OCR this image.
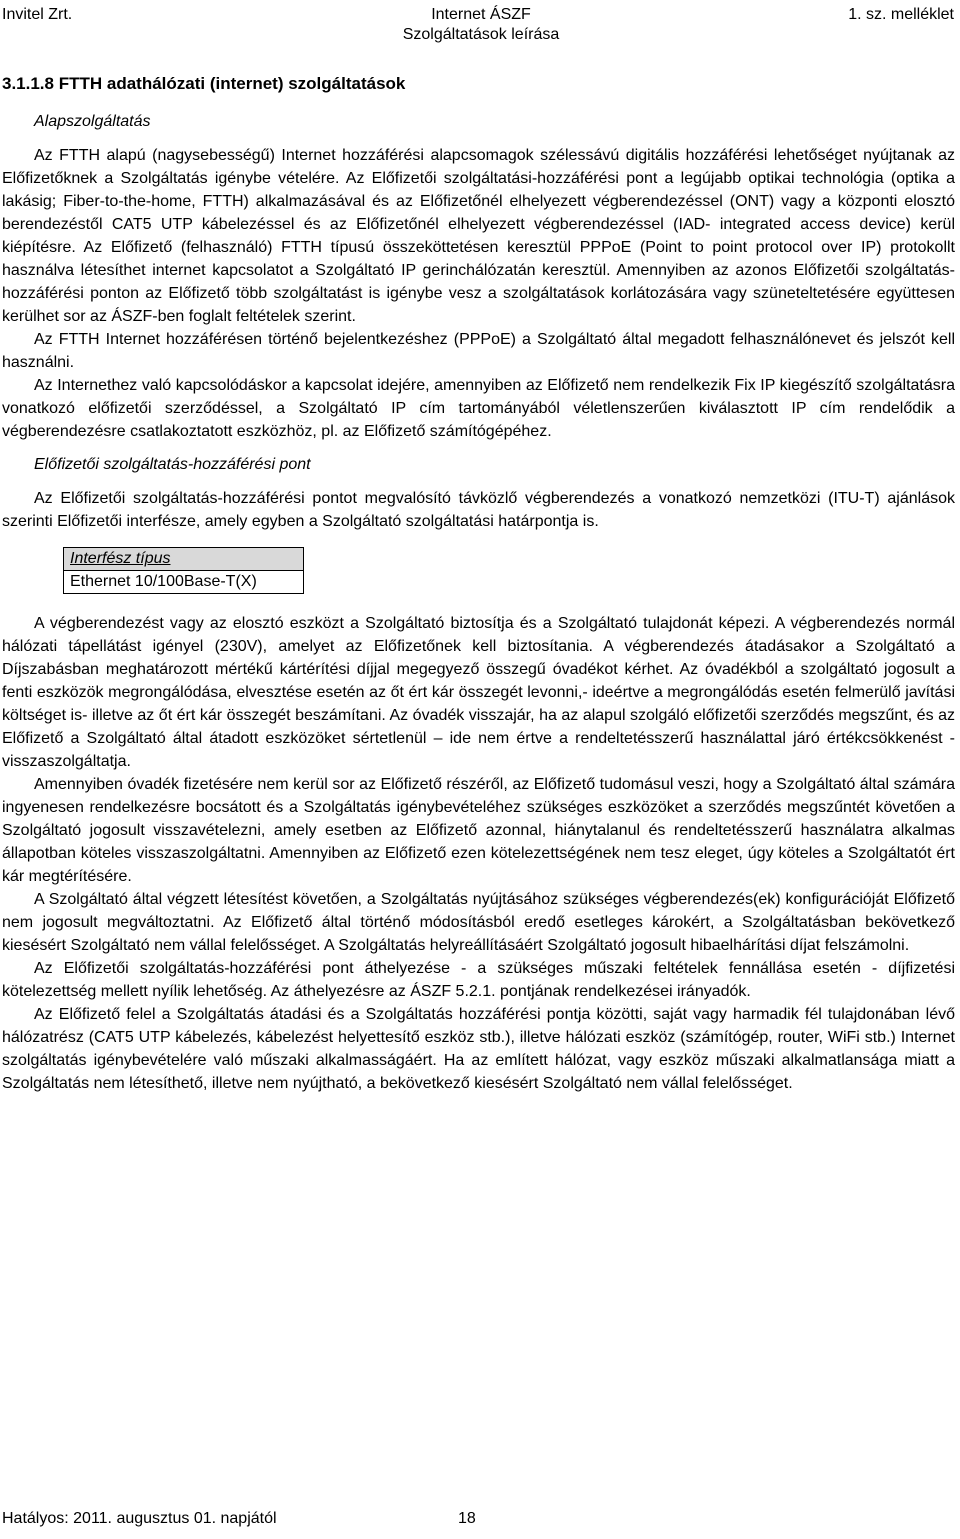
Invitel Zrt.	Internet ÁSZF
Szolgáltatások leírása
1. sz. melléklet
3.1.1.8 FTTH adathálózati (internet) szolgáltatások
Alapszolgáltatás

Az FTTH alapú (nagysebességű) Internet hozzáférési alapcsomagok szélessávú digitális hozzáférési lehetőséget nyújtanak az Előfizetőknek a Szolgáltatás igénybe vételére. Az Előfizetői szolgáltatási-hozzáférési pont a legújabb optikai technológia (optika a lakásig; Fiber-to-the-home, FTTH) alkalmazásával és az Előfizetőnél elhelyezett végberendezéssel (ONT) vagy a központi elosztó berendezéstől CAT5 UTP kábelezéssel és az Előfizetőnél elhelyezett végberendezéssel (IAD- integrated access device) kerül kiépítésre. Az Előfizető (felhasználó) FTTH típusú összeköttetésen keresztül PPPoE (Point to point protocol over IP) protokollt használva létesíthet internet kapcsolatot a Szolgáltató IP gerinchálózatán keresztül. Amennyiben az azonos Előfizetői szolgáltatás-hozzáférési ponton az Előfizető több szolgáltatást is igénybe vesz a szolgáltatások korlátozására vagy szüneteltetésére együttesen kerülhet sor az ÁSZF-ben foglalt feltételek szerint.

Az FTTH Internet hozzáférésen történő bejelentkezéshez (PPPoE) a Szolgáltató által megadott felhasználónevet és jelszót kell használni.

Az Internethez való kapcsolódáskor a kapcsolat idejére, amennyiben az Előfizető nem rendelkezik Fix IP kiegészítő szolgáltatásra vonatkozó előfizetői szerződéssel, a Szolgáltató IP cím tartományából véletlenszerűen kiválasztott IP cím rendelődik a végberendezésre csatlakoztatott eszközhöz, pl. az Előfizető számítógépéhez.

Előfizetői szolgáltatás-hozzáférési pont

Az Előfizetői szolgáltatás-hozzáférési pontot megvalósító távközlő végberendezés a vonatkozó nemzetközi (ITU-T) ajánlások szerinti Előfizetői interfésze, amely egyben a Szolgáltató szolgáltatási határpontja is.

Interfész típus
Ethernet 10/100Base-T(X)

A végberendezést vagy az elosztó eszközt a Szolgáltató biztosítja és a Szolgáltató tulajdonát képezi. A végberendezés normál hálózati tápellátást igényel (230V), amelyet az Előfizetőnek kell biztosítania. A végberendezés átadásakor a Szolgáltató a Díjszabásban meghatározott mértékű kártérítési díjjal megegyező összegű óvadékot kérhet. Az óvadékból a szolgáltató jogosult a fenti eszközök megrongálódása, elvesztése esetén az őt ért kár összegét levonni,- ideértve a megrongálódás esetén felmerülő javítási költséget is- illetve az őt ért kár összegét beszámítani. Az óvadék visszajár, ha az alapul szolgáló előfizetői szerződés megszűnt, és az Előfizető a Szolgáltató által átadott eszközöket sértetlenül – ide nem értve a rendeltetésszerű használattal járó értékcsökkenést - visszaszolgáltatja.

Amennyiben óvadék fizetésére nem kerül sor az Előfizető részéről, az Előfizető tudomásul veszi, hogy a Szolgáltató által számára ingyenesen rendelkezésre bocsátott és a Szolgáltatás igénybevételéhez szükséges eszközöket a szerződés megszűntét követően a Szolgáltató jogosult visszavételezni, amely esetben az Előfizető azonnal, hiánytalanul és rendeltetésszerű használatra alkalmas állapotban köteles visszaszolgáltatni. Amennyiben az Előfizető ezen kötelezettségének nem tesz eleget, úgy köteles a Szolgáltatót ért kár megtérítésére.

A Szolgáltató által végzett létesítést követően, a Szolgáltatás nyújtásához szükséges végberendezés(ek) konfigurációját Előfizető nem jogosult megváltoztatni. Az Előfizető által történő módosításból eredő esetleges károkért, a Szolgáltatásban bekövetkező kiesésért Szolgáltató nem vállal felelősséget. A Szolgáltatás helyreállításáért Szolgáltató jogosult hibaelhárítási díjat felszámolni.

Az Előfizetői szolgáltatás-hozzáférési pont áthelyezése - a szükséges műszaki feltételek fennállása esetén - díjfizetési kötelezettség mellett nyílik lehetőség. Az áthelyezésre az ÁSZF 5.2.1. pontjának rendelkezései irányadók.

Az Előfizető felel a Szolgáltatás átadási és a Szolgáltatás hozzáférési pontja közötti, saját vagy harmadik fél tulajdonában lévő hálózatrész (CAT5 UTP kábelezés, kábelezést helyettesítő eszköz stb.), illetve hálózati eszköz (számítógép, router, WiFi stb.) Internet szolgáltatás igénybevételére való műszaki alkalmasságáért. Ha az említett hálózat, vagy eszköz műszaki alkalmatlansága miatt a Szolgáltatás nem létesíthető, illetve nem nyújtható, a bekövetkező kiesésért Szolgáltató nem vállal felelősséget.

Hatályos: 2011. augusztus 01. napjától	18
